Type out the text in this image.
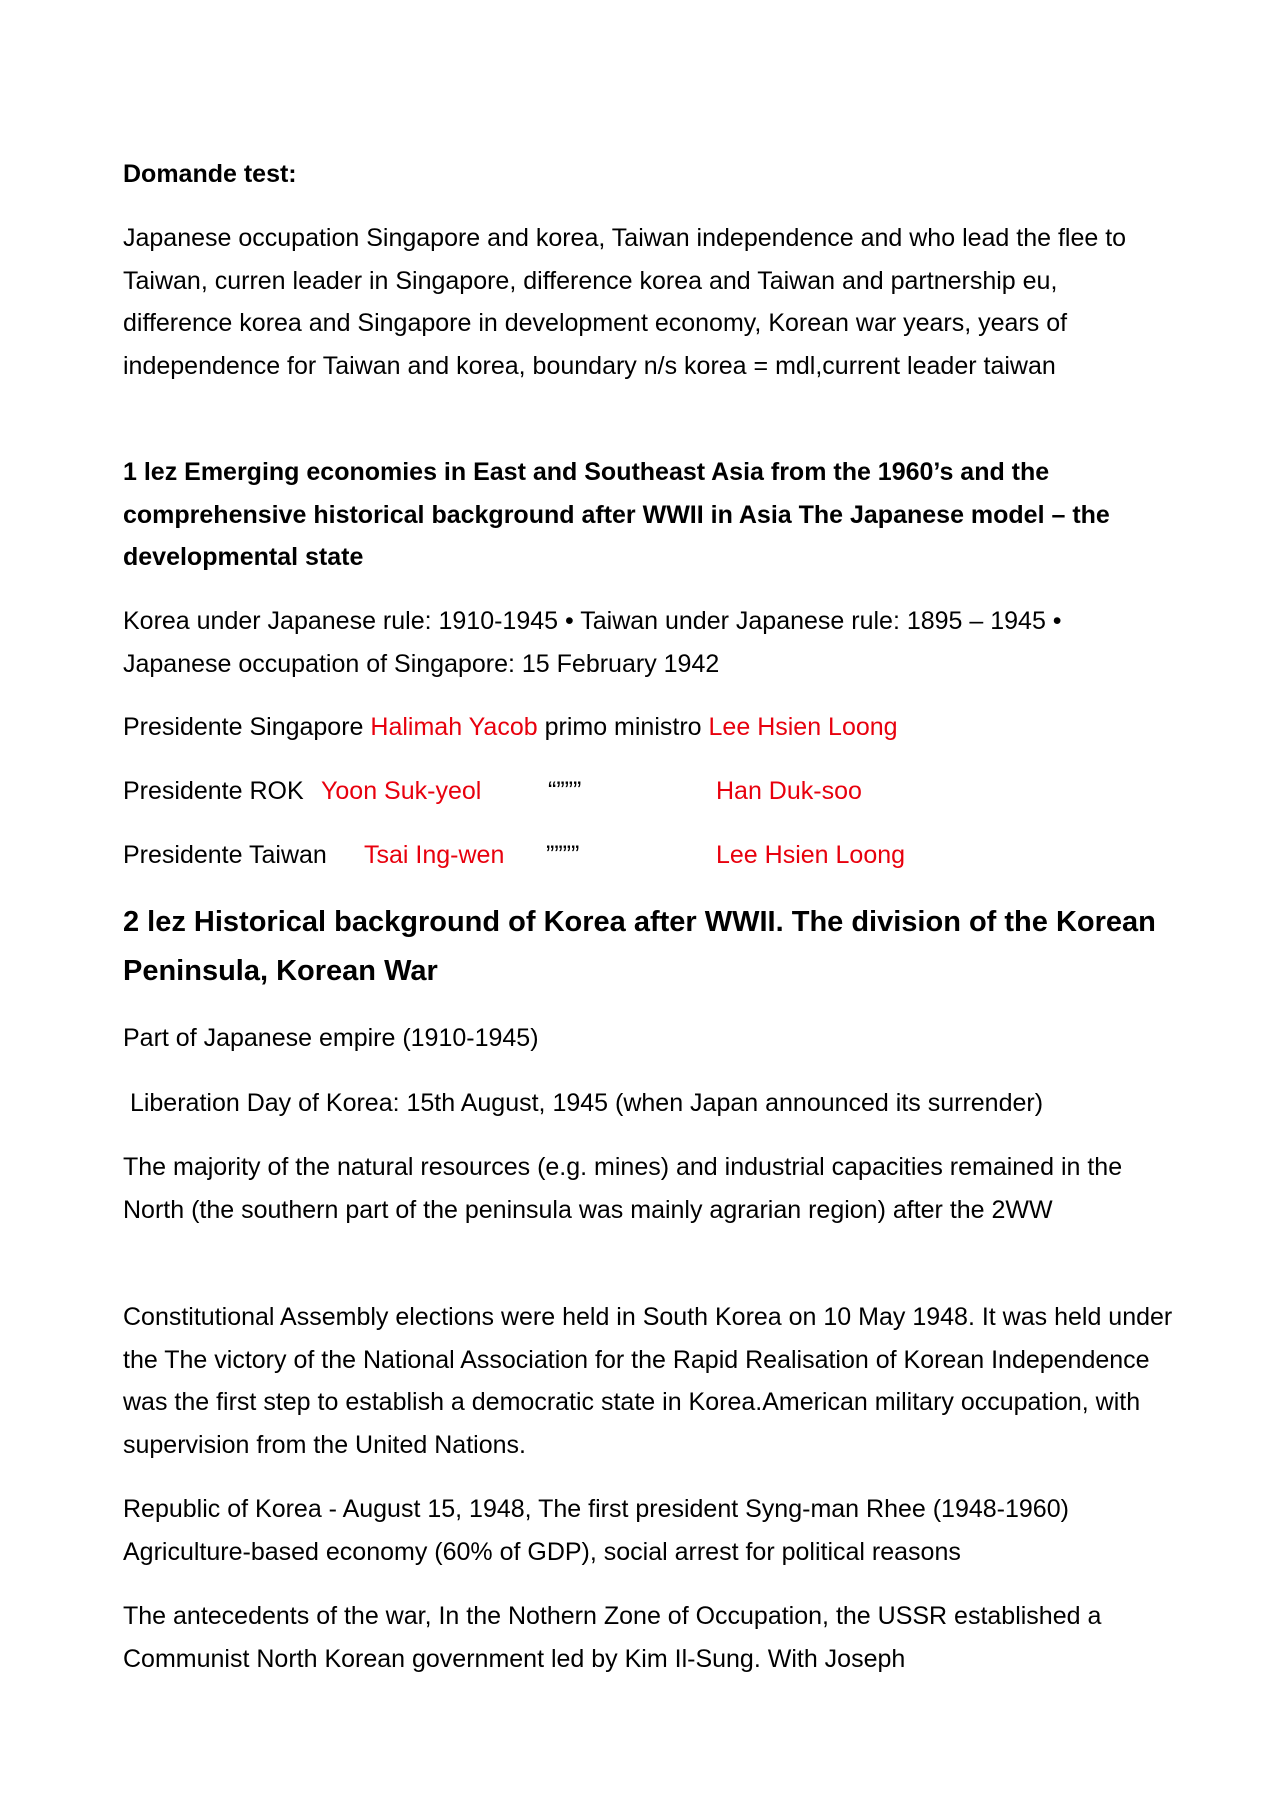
Domande test:

Japanese occupation Singapore and korea, Taiwan independence and who lead the flee to Taiwan, curren leader in Singapore, difference korea and Taiwan and partnership eu, difference korea and Singapore in development economy, Korean war years, years of independence for Taiwan and korea, boundary n/s korea = mdl,current leader taiwan

1 lez Emerging economies in East and Southeast Asia from the 1960’s and the comprehensive historical background after WWII in Asia The Japanese model – the developmental state

Korea under Japanese rule: 1910-1945 • Taiwan under Japanese rule: 1895 – 1945 • Japanese occupation of Singapore: 15 February 1942

Presidente Singapore Halimah Yacob primo ministro Lee Hsien Loong
Presidente ROK Yoon Suk-yeol	“”””	Han Duk-soo
Presidente Taiwan Tsai Ing-wen ””””	Lee Hsien Loong

2 lez Historical background of Korea after WWII. The division of the Korean Peninsula, Korean War

Part of Japanese empire (1910-1945)

Liberation Day of Korea: 15th August, 1945 (when Japan announced its surrender)

The majority of the natural resources (e.g. mines) and industrial capacities remained in the North (the southern part of the peninsula was mainly agrarian region) after the 2WW

Constitutional Assembly elections were held in South Korea on 10 May 1948. It was held under the The victory of the National Association for the Rapid Realisation of Korean Independence was the first step to establish a democratic state in Korea.American military occupation, with supervision from the United Nations.

Republic of Korea - August 15, 1948, The first president Syng-man Rhee (1948-1960) Agriculture-based economy (60% of GDP), social arrest for political reasons

The antecedents of the war, In the Nothern Zone of Occupation, the USSR established a Communist North Korean government led by Kim Il-Sung. With Joseph
